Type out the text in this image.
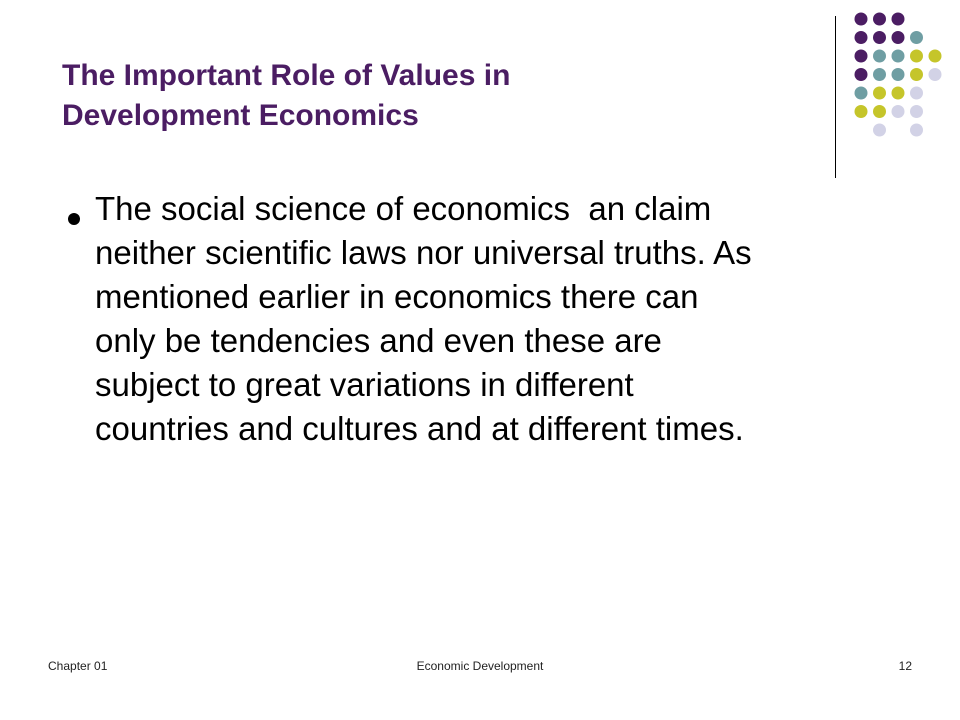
The Important Role of Values in
Development Economics
The social science of economics  an claim
neither scientific laws nor universal truths. As
mentioned earlier in economics there can
only be tendencies and even these are
subject to great variations in different
countries and cultures and at different times.
Chapter 01	Economic Development	12
